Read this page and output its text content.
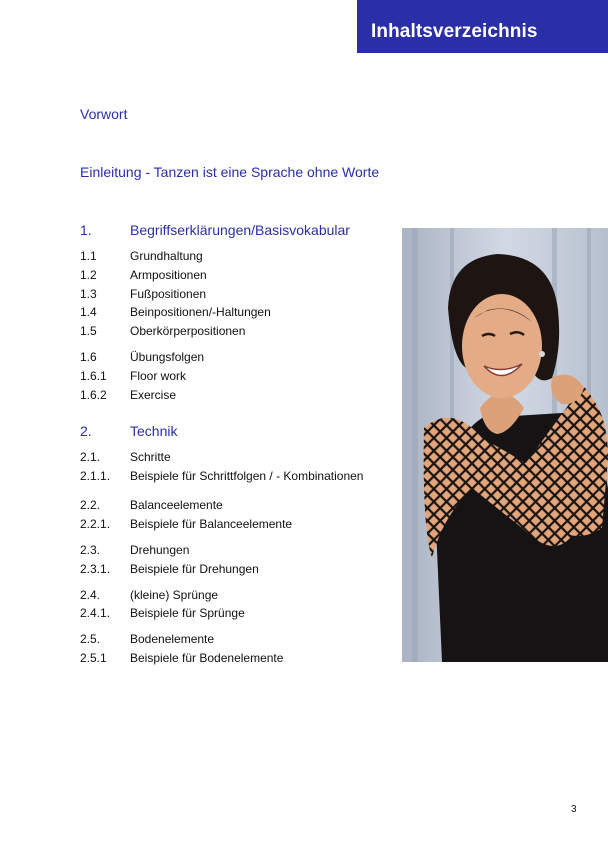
Inhaltsverzeichnis
Vorwort
Einleitung - Tanzen ist eine Sprache ohne Worte
1.	Begriffserklärungen/Basisvokabular
1.1	Grundhaltung
1.2	Armpositionen
1.3	Fußpositionen
1.4	Beinpositionen/-Haltungen
1.5	Oberkörperpositionen
1.6	Übungsfolgen
1.6.1 Floor work
1.6.2 Exercise
2.	Technik
2.1. Schritte
2.1.1. Beispiele für Schrittfolgen / - Kombinationen
2.2. Balanceelemente
2.2.1. Beispiele für Balanceelemente
2.3. Drehungen
2.3.1. Beispiele für Drehungen
2.4. (kleine) Sprünge
2.4.1. Beispiele für Sprünge
2.5. Bodenelemente
2.5.1 Beispiele für Bodenelemente
3
